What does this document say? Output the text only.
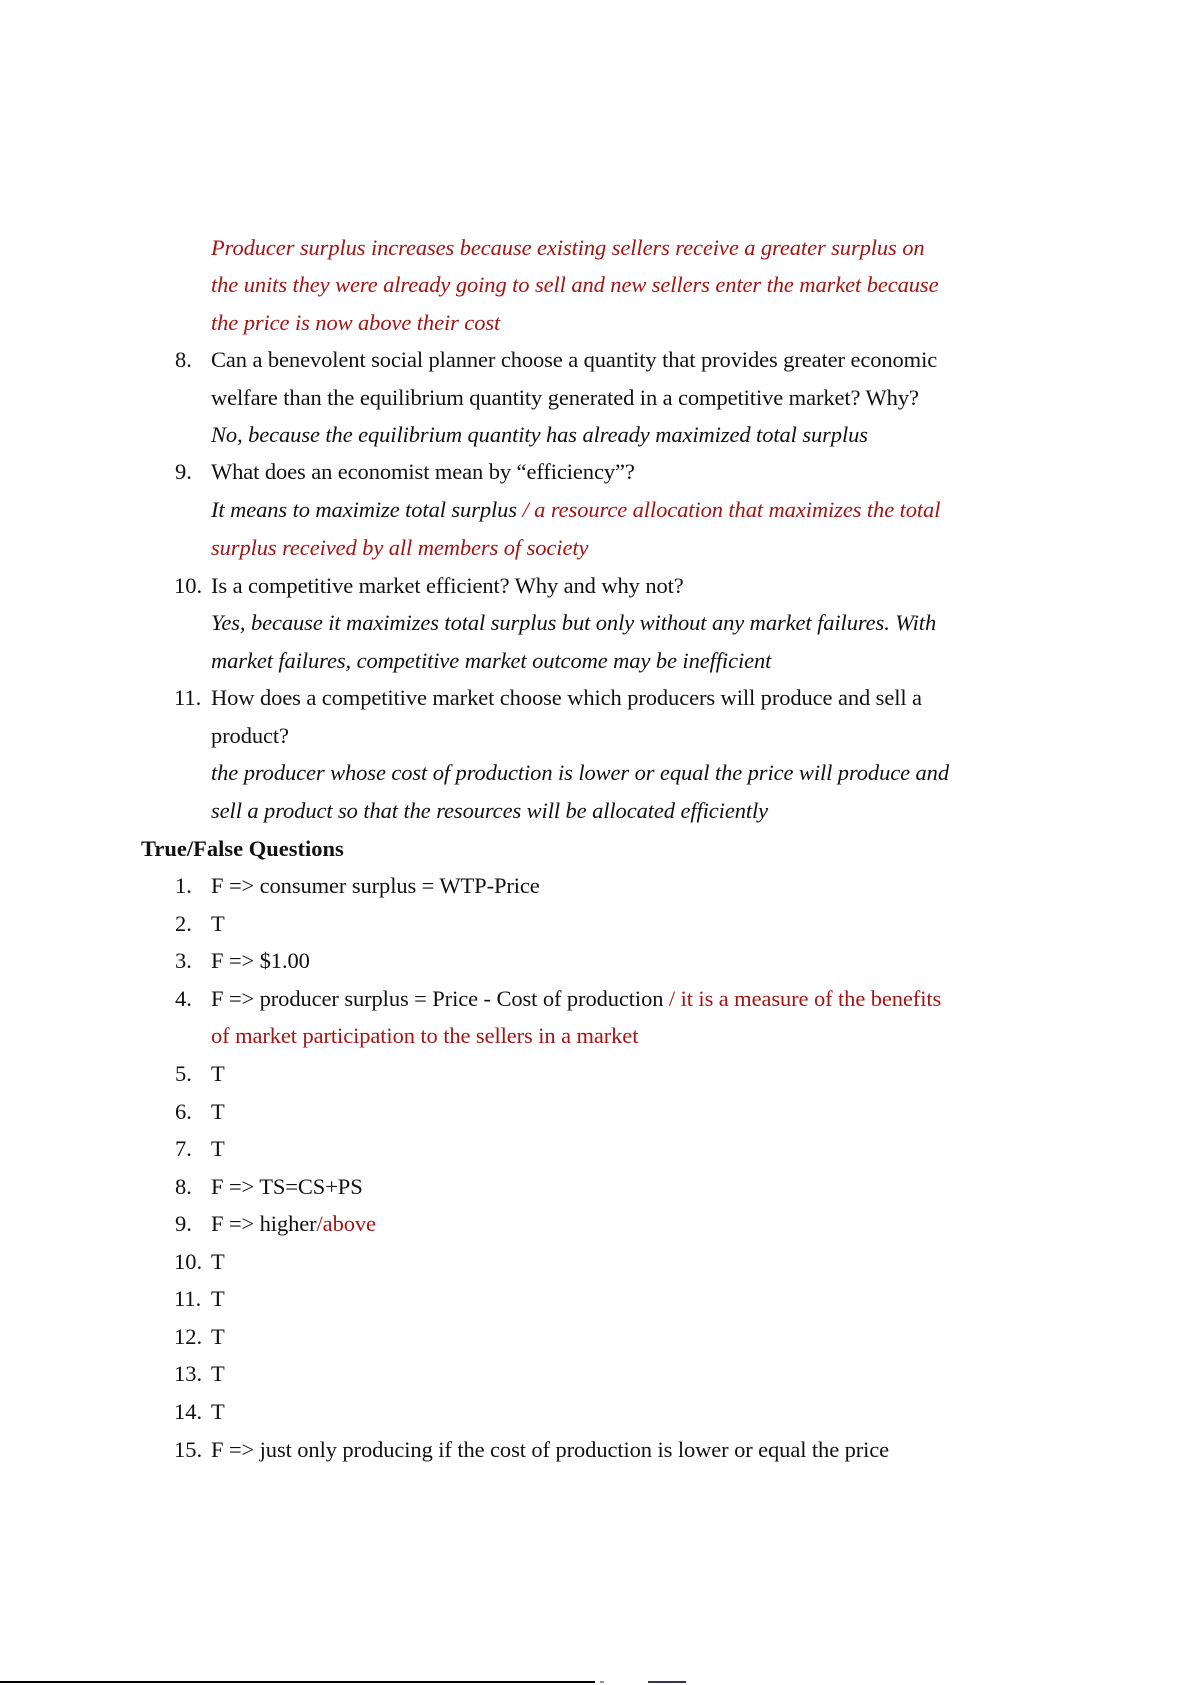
Producer surplus increases because existing sellers receive a greater surplus on
the units they were already going to sell and new sellers enter the market because
the price is now above their cost
8. Can a benevolent social planner choose a quantity that provides greater economic
welfare than the equilibrium quantity generated in a competitive market? Why?
No, because the equilibrium quantity has already maximized total surplus
9. What does an economist mean by “efficiency”?
It means to maximize total surplus / a resource allocation that maximizes the total
surplus received by all members of society
10. Is a competitive market efficient? Why and why not?
Yes, because it maximizes total surplus but only without any market failures. With
market failures, competitive market outcome may be inefficient
11. How does a competitive market choose which producers will produce and sell a
product?
the producer whose cost of production is lower or equal the price will produce and
sell a product so that the resources will be allocated efficiently
True/False Questions
1. F => consumer surplus = WTP-Price
2. T
3. F => $1.00
4. F => producer surplus = Price - Cost of production / it is a measure of the benefits
of market participation to the sellers in a market
5. T
6. T
7. T
8. F => TS=CS+PS
9. F => higher/above
10. T
11. T
12. T
13. T
14. T
15. F => just only producing if the cost of production is lower or equal the price
